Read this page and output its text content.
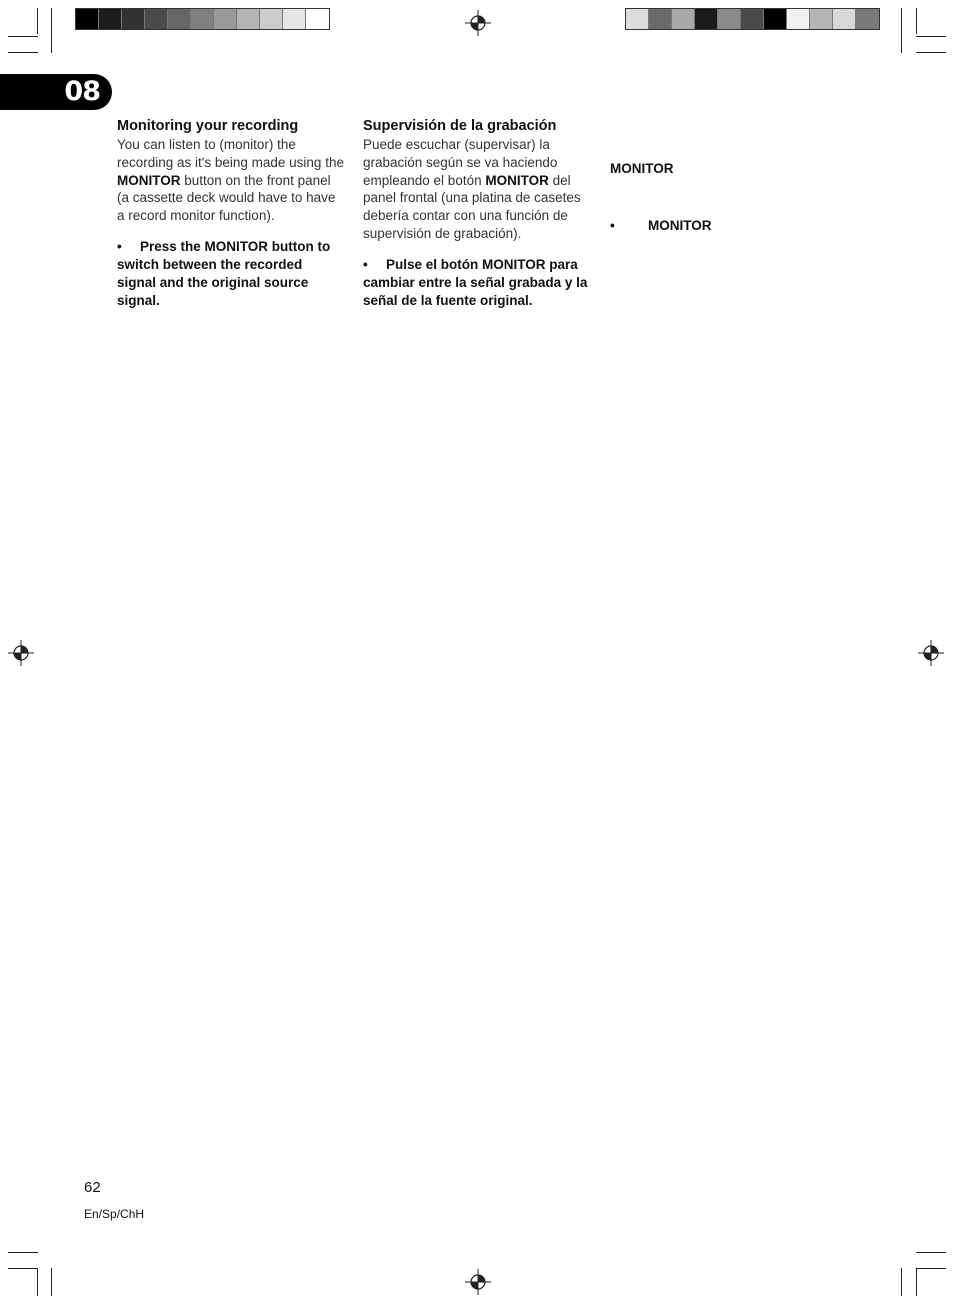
08

Monitoring your recording

You can listen to (monitor) the recording as it's being made using the MONITOR button on the front panel (a cassette deck would have to have a record monitor function).

• Press the MONITOR button to switch between the recorded signal and the original source signal.

Supervisión de la grabación

Puede escuchar (supervisar) la grabación según se va haciendo empleando el botón MONITOR del panel frontal (una platina de casetes debería contar con una función de supervisión de grabación).

• Pulse el botón MONITOR para cambiar entre la señal grabada y la señal de la fuente original.

MONITOR
• MONITOR
62
En/Sp/ChH
